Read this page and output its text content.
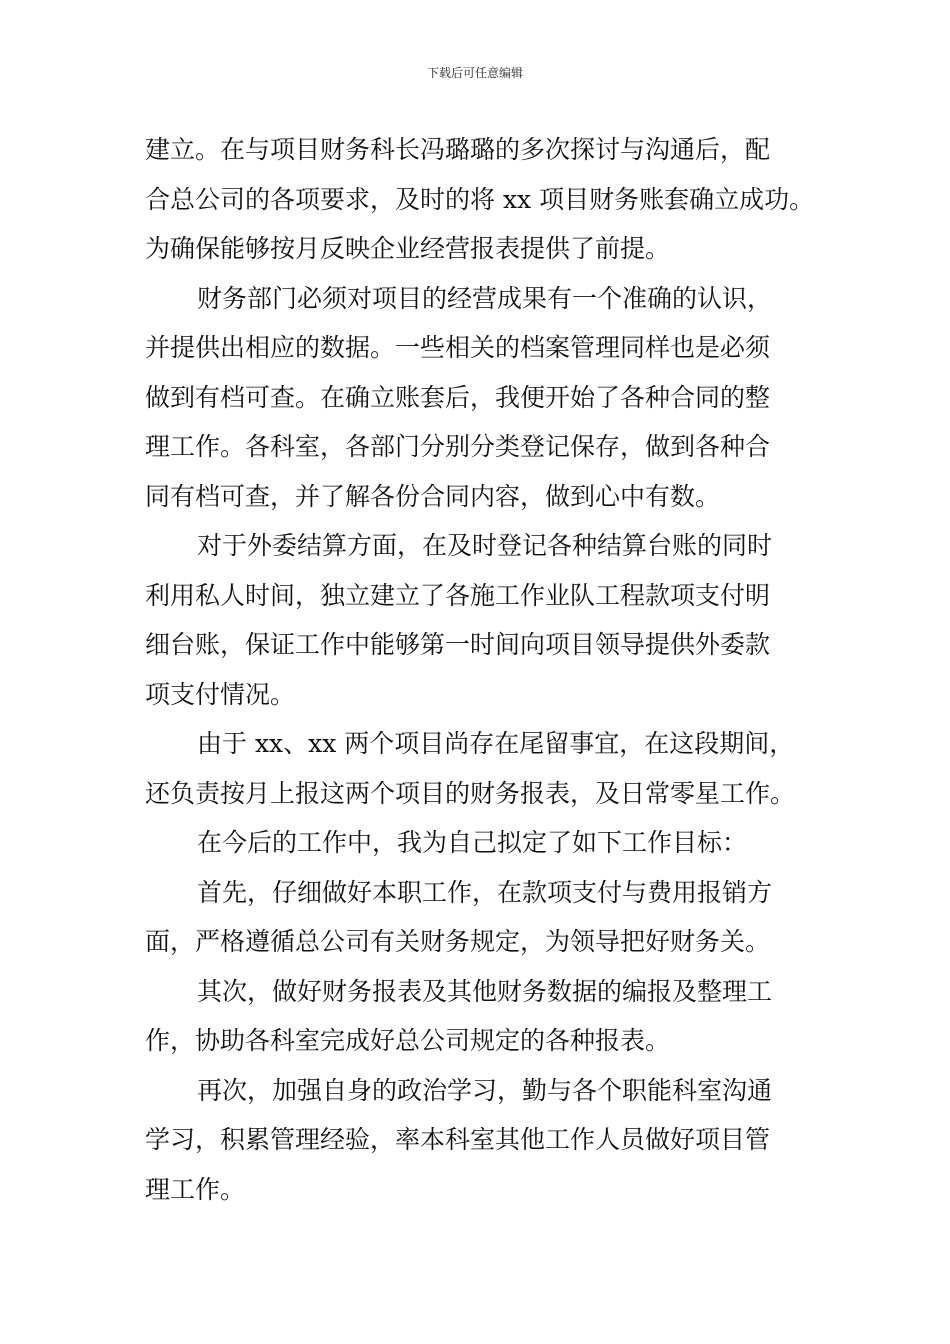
下载后可任意编辑
建立。在与项目财务科长冯璐璐的多次探讨与沟通后，配
合总公司的各项要求，及时的将 xx 项目财务账套确立成功。
为确保能够按月反映企业经营报表提供了前提。
财务部门必须对项目的经营成果有一个准确的认识，
并提供出相应的数据。一些相关的档案管理同样也是必须
做到有档可查。在确立账套后，我便开始了各种合同的整
理工作。各科室，各部门分别分类登记保存，做到各种合
同有档可查，并了解各份合同内容，做到心中有数。
对于外委结算方面，在及时登记各种结算台账的同时
利用私人时间，独立建立了各施工作业队工程款项支付明
细台账，保证工作中能够第一时间向项目领导提供外委款
项支付情况。
由于 xx、xx 两个项目尚存在尾留事宜，在这段期间，
还负责按月上报这两个项目的财务报表，及日常零星工作。
在今后的工作中，我为自己拟定了如下工作目标：
首先，仔细做好本职工作，在款项支付与费用报销方
面，严格遵循总公司有关财务规定，为领导把好财务关。
其次，做好财务报表及其他财务数据的编报及整理工
作，协助各科室完成好总公司规定的各种报表。
再次，加强自身的政治学习，勤与各个职能科室沟通
学习，积累管理经验，率本科室其他工作人员做好项目管
理工作。
